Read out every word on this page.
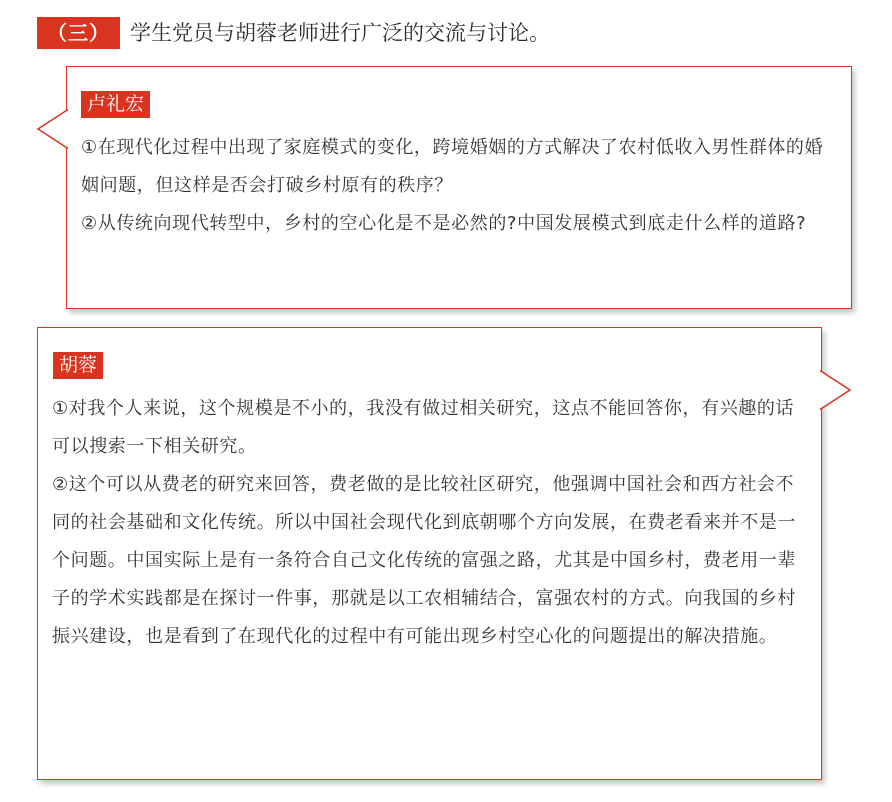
（三） 学生党员与胡蓉老师进行广泛的交流与讨论。
卢礼宏

①在现代化过程中出现了家庭模式的变化，跨境婚姻的方式解决了农村低收入男性群体的婚姻问题，但这样是否会打破乡村原有的秩序？

②从传统向现代转型中，乡村的空心化是不是必然的?中国发展模式到底走什么样的道路?

胡蓉

①对我个人来说，这个规模是不小的，我没有做过相关研究，这点不能回答你，有兴趣的话可以搜索一下相关研究。

②这个可以从费老的研究来回答，费老做的是比较社区研究，他强调中国社会和西方社会不同的社会基础和文化传统。所以中国社会现代化到底朝哪个方向发展，在费老看来并不是一个问题。中国实际上是有一条符合自己文化传统的富强之路，尤其是中国乡村，费老用一辈子的学术实践都是在探讨一件事，那就是以工农相辅结合，富强农村的方式。向我国的乡村振兴建设，也是看到了在现代化的过程中有可能出现乡村空心化的问题提出的解决措施。
